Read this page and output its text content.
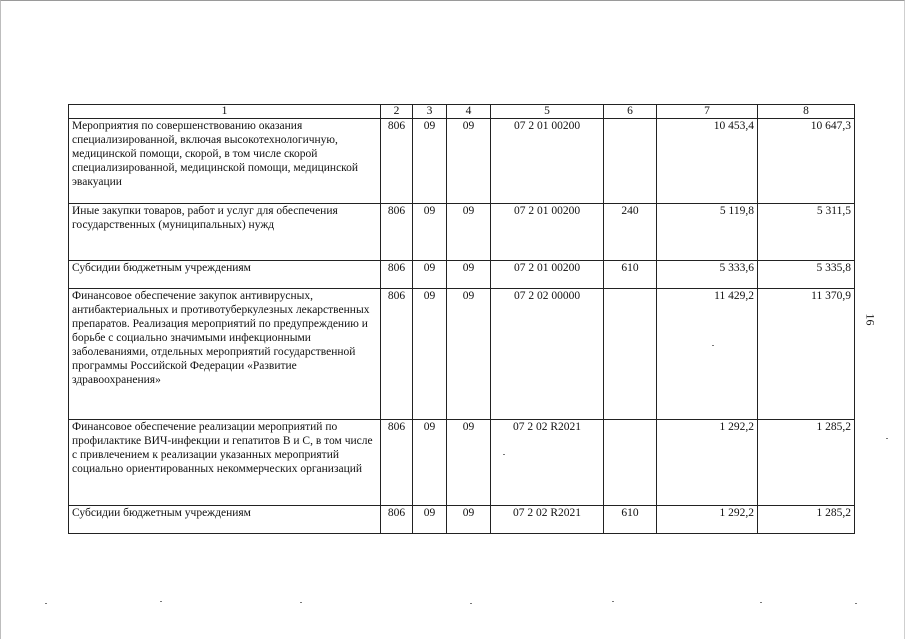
1	2	3	4	5	6	7	8
Мероприятия по совершенствованию оказания специализированной, включая высокотехнологичную, медицинской помощи, скорой, в том числе скорой специализированной, медицинской помощи, медицинской эвакуации	806	09	09	07 2 01 00200		10 453,4	10 647,3
Иные закупки товаров, работ и услуг для обеспечения государственных (муниципальных) нужд	806	09	09	07 2 01 00200	240	5 119,8	5 311,5
Субсидии бюджетным учреждениям	806	09	09	07 2 01 00200	610	5 333,6	5 335,8
Финансовое обеспечение закупок антивирусных, антибактериальных и противотуберкулезных лекарственных препаратов. Реализация мероприятий по предупреждению и борьбе с социально значимыми инфекционными заболеваниями, отдельных мероприятий государственной программы Российской Федерации «Развитие здравоохранения»	806	09	09	07 2 02 00000		11 429,2	11 370,9
Финансовое обеспечение реализации мероприятий по профилактике ВИЧ-инфекции и гепатитов В и С, в том числе с привлечением к реализации указанных мероприятий социально ориентированных некоммерческих организаций	806	09	09	07 2 02 R2021		1 292,2	1 285,2
Субсидии бюджетным учреждениям	806	09	09	07 2 02 R2021	610	1 292,2	1 285,2
16
